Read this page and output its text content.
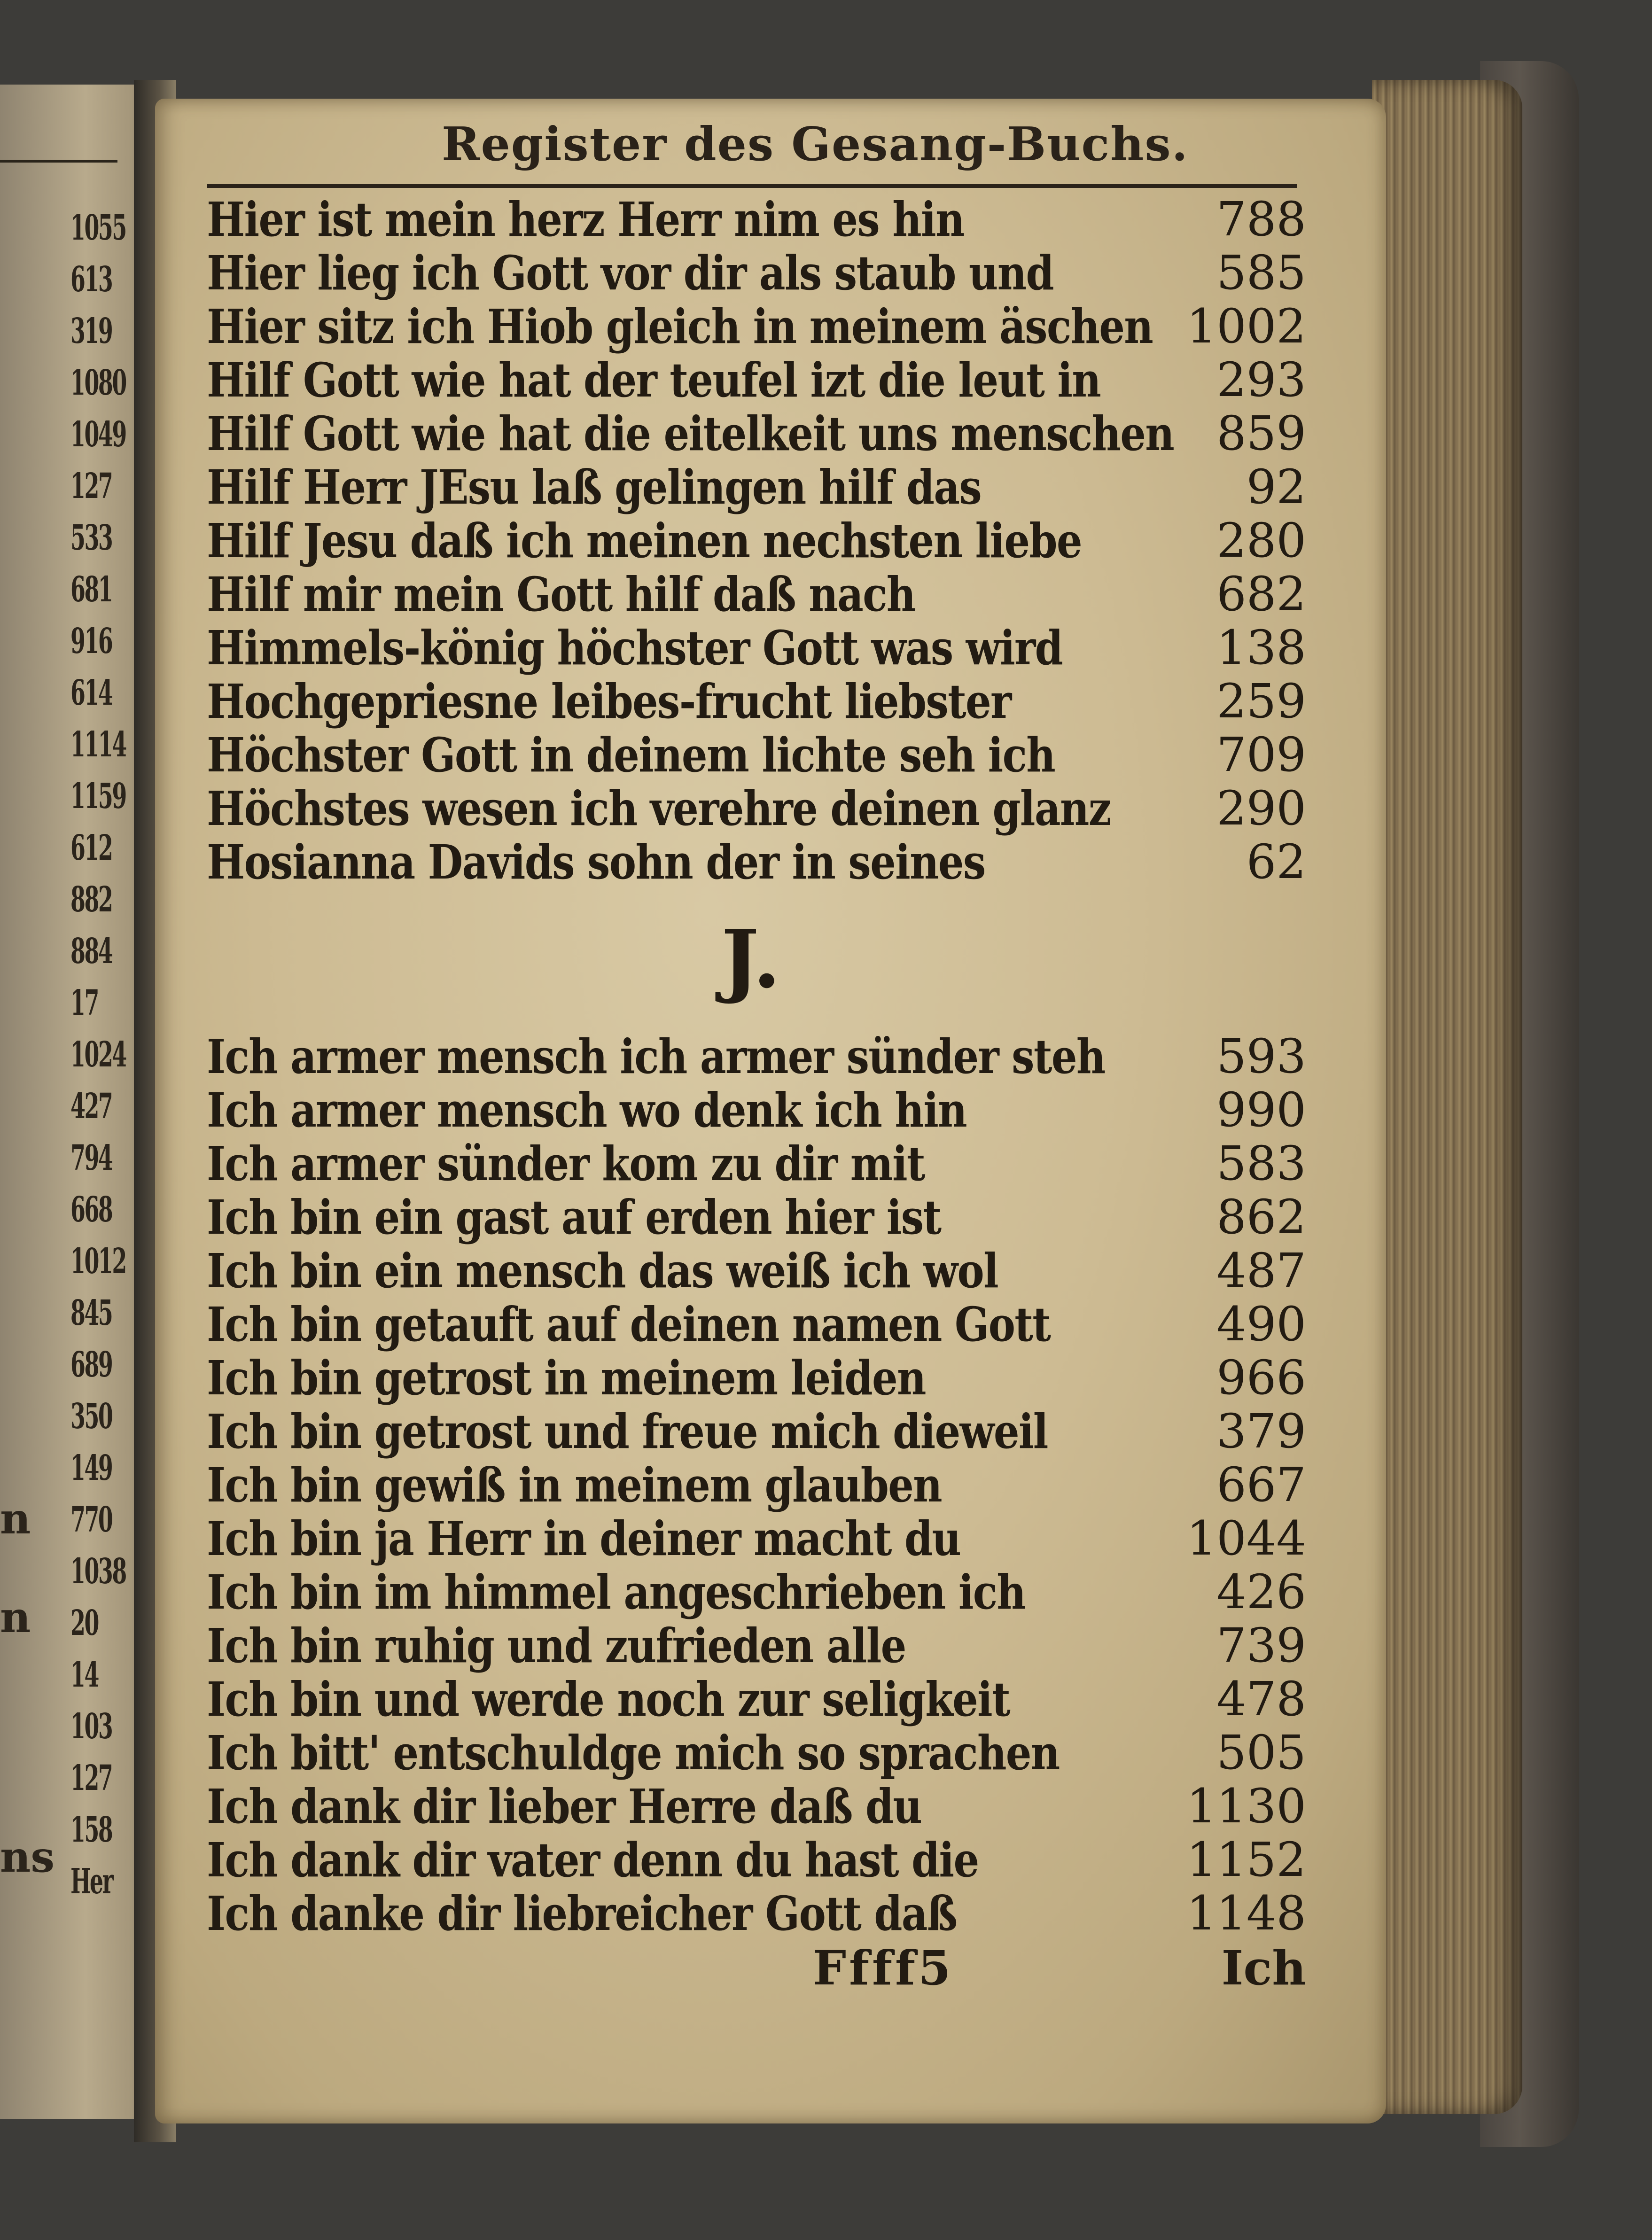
1055
613
319
1080
1049
127
533
681
916
614
1114
1159
612
882
884
17
1024
427
794
668
1012
845
689
350
149
770
1038
20
14
103
127
158
Her
n
n
ns
Register des Gesang-Buchs.
Hier ist mein herz Herr nim es hin	788
Hier lieg ich Gott vor dir als staub und	585
Hier sitz ich Hiob gleich in meinem äschen 1002
Hilf Gott wie hat der teufel izt die leut in 293
Hilf Gott wie hat die eitelkeit uns menschen 859
Hilf Herr JEsu laß gelingen hilf das	92
Hilf Jesu daß ich meinen nechsten liebe	280
Hilf mir mein Gott hilf daß nach	682
Himmels-könig höchster Gott was wird	138
Hochgepriesne leibes-frucht liebster	259
Höchster Gott in deinem lichte seh ich	709
Höchstes wesen ich verehre deinen glanz 290
Hosianna Davids sohn der in seines	62
J.
Ich armer mensch ich armer sünder steh 593
Ich armer mensch wo denk ich hin	990
Ich armer sünder kom zu dir mit	583
Ich bin ein gast auf erden hier ist	862
Ich bin ein mensch das weiß ich wol	487
Ich bin getauft auf deinen namen Gott	490
Ich bin getrost in meinem leiden	966
Ich bin getrost und freue mich dieweil	379
Ich bin gewiß in meinem glauben	667
Ich bin ja Herr in deiner macht du	1044
Ich bin im himmel angeschrieben ich	426
Ich bin ruhig und zufrieden alle	739
Ich bin und werde noch zur seligkeit	478
Ich bitt' entschuldge mich so sprachen	505
Ich dank dir lieber Herre daß du	1130
Ich dank dir vater denn du hast die	1152
Ich danke dir liebreicher Gott daß	1148
Ffff5	Ich
